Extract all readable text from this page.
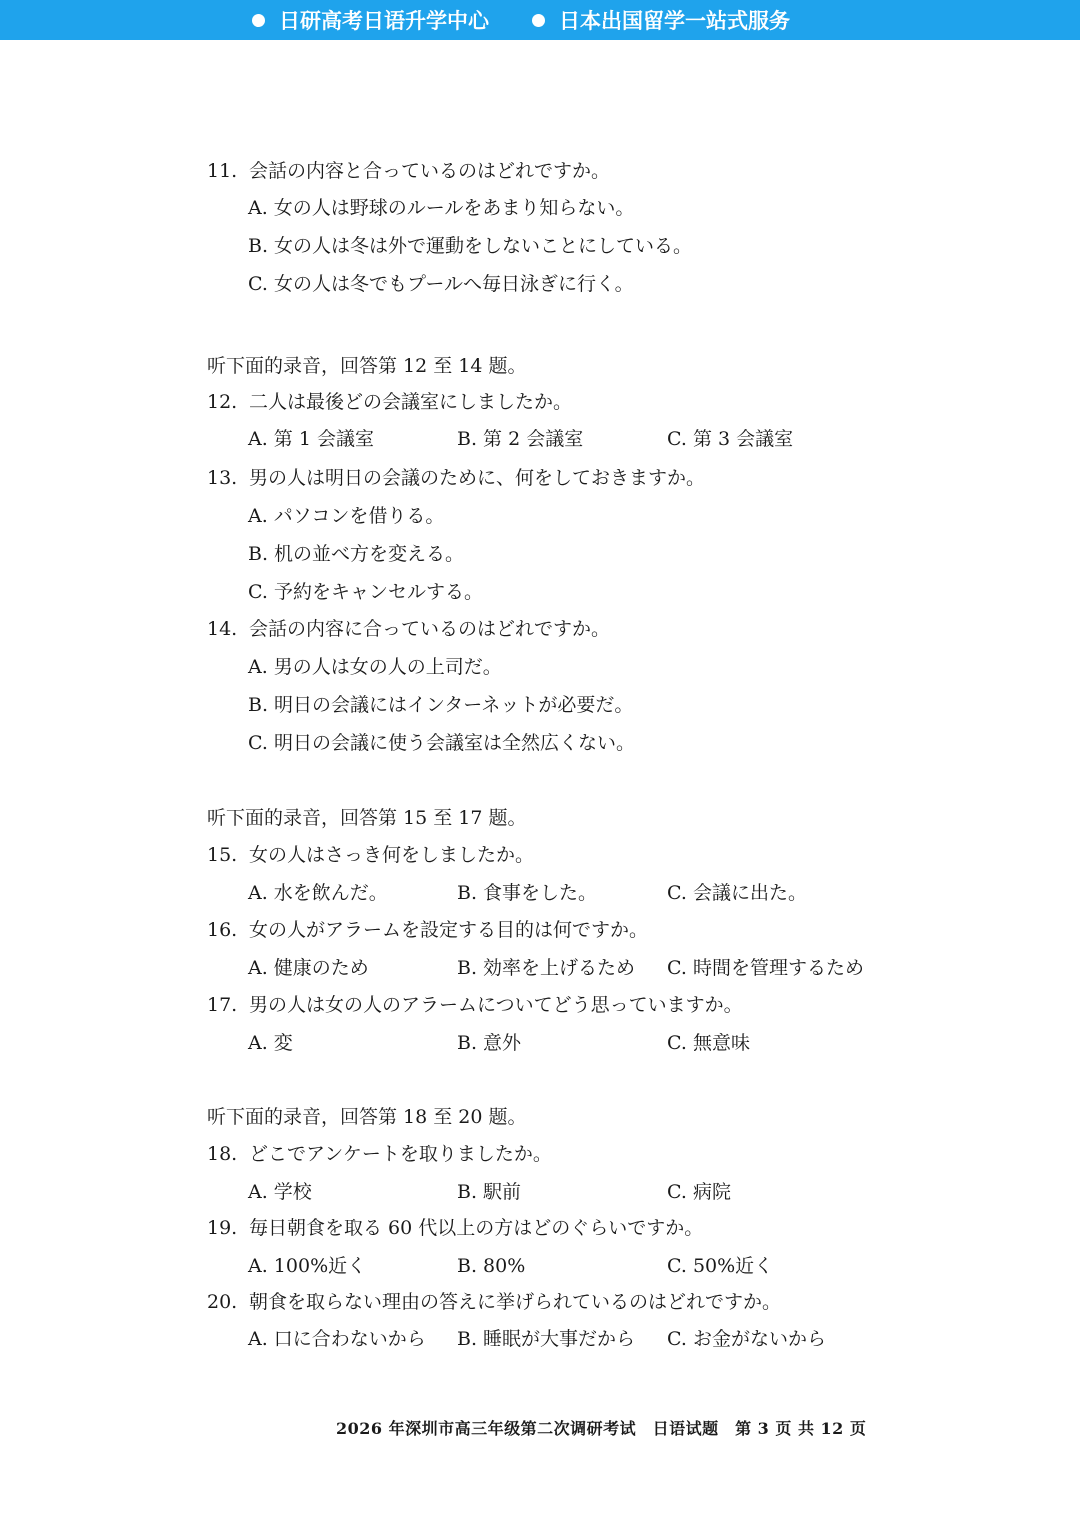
日研高考日语升学中心	日本出国留学一站式服务
11. 会話の内容と合っているのはどれですか。
A. 女の人は野球のルールをあまり知らない。
B. 女の人は冬は外で運動をしないことにしている。
C. 女の人は冬でもプールへ毎日泳ぎに行く。
听下面的录音，回答第 12 至 14 题。
12. 二人は最後どの会議室にしましたか。
A. 第 1 会議室	B. 第 2 会議室	C. 第 3 会議室
13. 男の人は明日の会議のために、何をしておきますか。
A. パソコンを借りる。
B. 机の並べ方を変える。
C. 予約をキャンセルする。
14. 会話の内容に合っているのはどれですか。
A. 男の人は女の人の上司だ。
B. 明日の会議にはインターネットが必要だ。
C. 明日の会議に使う会議室は全然広くない。
听下面的录音，回答第 15 至 17 题。
15. 女の人はさっき何をしましたか。
A. 水を飲んだ。	B. 食事をした。	C. 会議に出た。
16. 女の人がアラームを設定する目的は何ですか。
A. 健康のため	B. 効率を上げるため C. 時間を管理するため
17. 男の人は女の人のアラームについてどう思っていますか。
A. 変	B. 意外	C. 無意味
听下面的录音，回答第 18 至 20 题。
18. どこでアンケートを取りましたか。
A. 学校	B. 駅前	C. 病院
19. 毎日朝食を取る 60 代以上の方はどのぐらいですか。
A. 100%近く	B. 80%	C. 50%近く
20. 朝食を取らない理由の答えに挙げられているのはどれですか。
A. 口に合わないから B. 睡眠が大事だから C. お金がないから
2026 年深圳市高三年级第二次调研考试　日语试题　第 3 页 共 12 页
